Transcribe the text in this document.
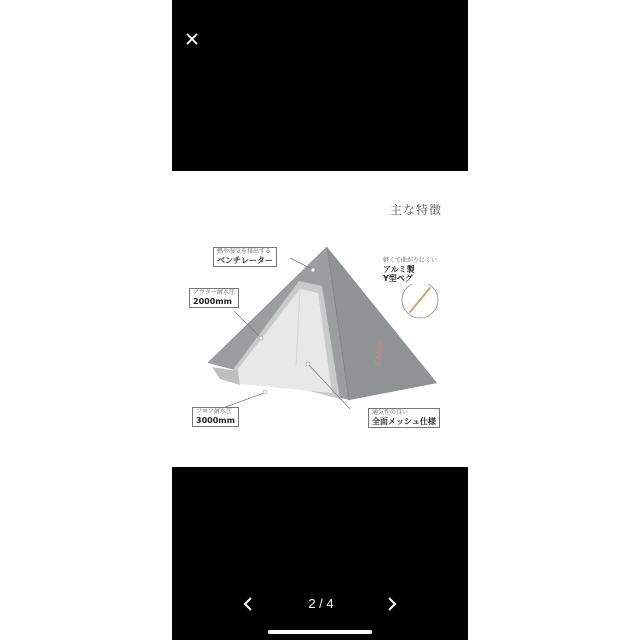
主な特徴
CAMP
熱や湿気を排出する
ベンチレーター
アウター耐水圧
2000mm
フロア耐水圧
3000mm
軽くて曲がりにくい
アルミ製
Y型ペグ
通気性の良い
全面メッシュ仕様
2 / 4
